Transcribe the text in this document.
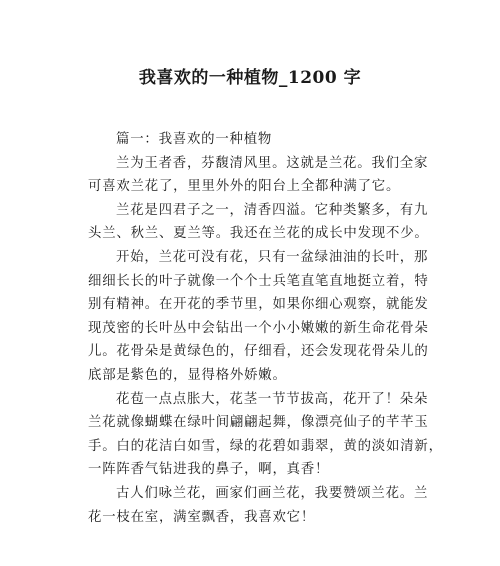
我喜欢的一种植物_1200 字
篇一：我喜欢的一种植物
兰为王者香，芬馥清风里。这就是兰花。我们全家
可喜欢兰花了，里里外外的阳台上全都种满了它。
兰花是四君子之一，清香四溢。它种类繁多，有九
头兰、秋兰、夏兰等。我还在兰花的成长中发现不少。
开始，兰花可没有花，只有一盆绿油油的长叶，那
细细长长的叶子就像一个个士兵笔直笔直地挺立着，特
别有精神。在开花的季节里，如果你细心观察，就能发
现茂密的长叶丛中会钻出一个小小嫩嫩的新生命花骨朵
儿。花骨朵是黄绿色的，仔细看，还会发现花骨朵儿的
底部是紫色的，显得格外娇嫩。
花苞一点点胀大，花茎一节节拔高，花开了！朵朵
兰花就像蝴蝶在绿叶间翩翩起舞，像漂亮仙子的芊芊玉
手。白的花洁白如雪，绿的花碧如翡翠，黄的淡如清新，
一阵阵香气钻进我的鼻子，啊，真香！
古人们咏兰花，画家们画兰花，我要赞颂兰花。兰
花一枝在室，满室飘香，我喜欢它！
